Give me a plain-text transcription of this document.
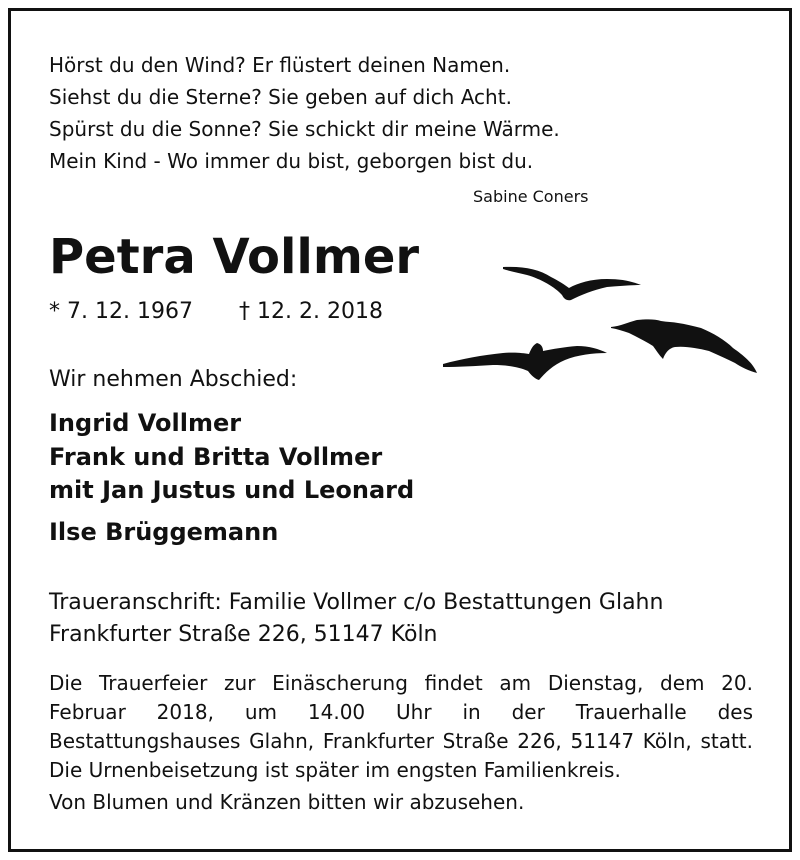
Hörst du den Wind? Er flüstert deinen Namen.
Siehst du die Sterne? Sie geben auf dich Acht.
Spürst du die Sonne? Sie schickt dir meine Wärme.
Mein Kind - Wo immer du bist, geborgen bist du.
Sabine Coners
Petra Vollmer
* 7. 12. 1967 † 12. 2. 2018
Wir nehmen Abschied:
Ingrid Vollmer
Frank und Britta Vollmer
mit Jan Justus und Leonard
Ilse Brüggemann
Traueranschrift: Familie Vollmer c/o Bestattungen Glahn
Frankfurter Straße 226, 51147 Köln
Die Trauerfeier zur Einäscherung findet am Dienstag, dem 20. Februar 2018, um 14.00 Uhr in der Trauerhalle des Bestattungshauses Glahn, Frankfurter Straße 226, 51147 Köln, statt. Die Urnenbeisetzung ist später im engsten Familienkreis.
Von Blumen und Kränzen bitten wir abzusehen.
